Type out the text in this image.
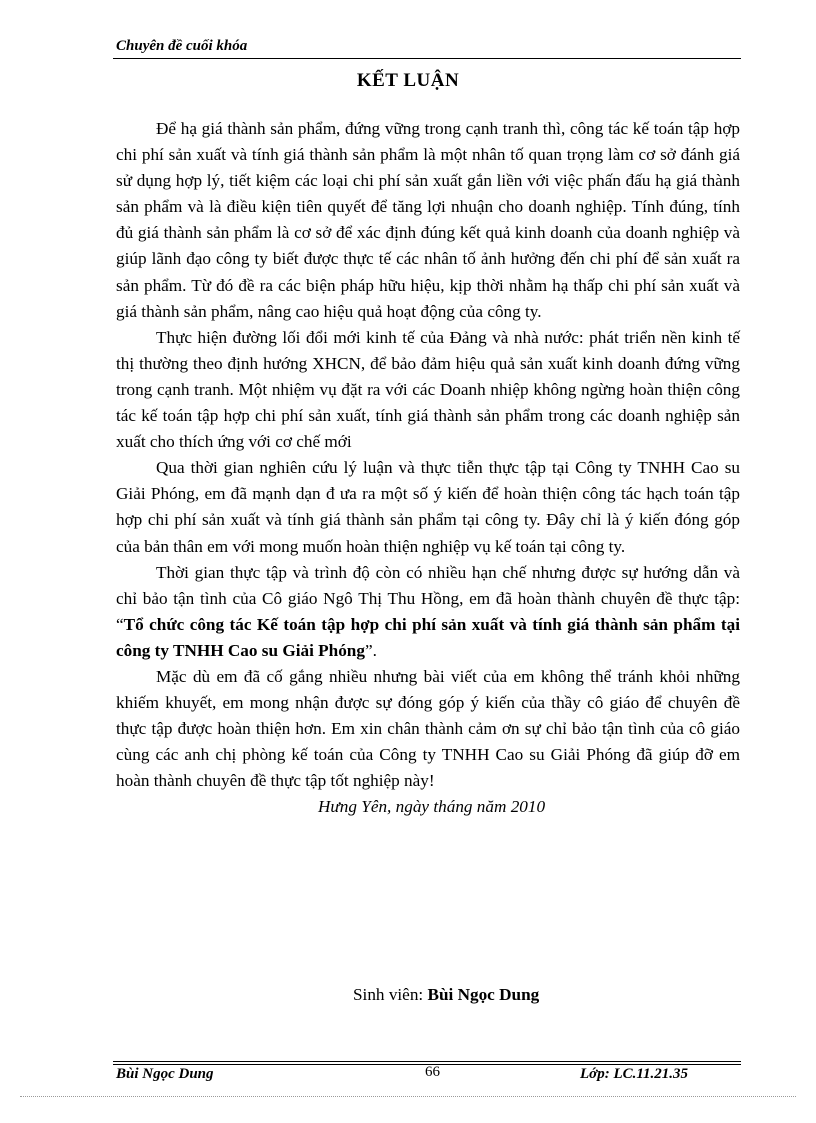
Chuyên đề cuối khóa
KẾT LUẬN

Để hạ giá thành sản phẩm, đứng vững trong cạnh tranh thì, công tác kế toán tập hợp chi phí sản xuất và tính giá thành sản phẩm là một nhân tố quan trọng làm cơ sở đánh giá sử dụng hợp lý, tiết kiệm các loại chi phí sản xuất gắn liền với việc phấn đấu hạ giá thành sản phẩm và là điều kiện tiên quyết để tăng lợi nhuận cho doanh nghiệp. Tính đúng, tính đủ giá thành sản phẩm là cơ sở để xác định đúng kết quả kinh doanh của doanh nghiệp và giúp lãnh đạo công ty biết được thực tế các nhân tố ảnh hưởng đến chi phí để sản xuất ra sản phẩm. Từ đó đề ra các biện pháp hữu hiệu, kịp thời nhằm hạ thấp chi phí sản xuất và giá thành sản phẩm, nâng cao hiệu quả hoạt động của công ty.

Thực hiện đường lối đổi mới kinh tế của Đảng và nhà nước: phát triển nền kinh tế thị thường theo định hướng XHCN, để bảo đảm hiệu quả sản xuất kinh doanh đứng vững trong cạnh tranh. Một nhiệm vụ đặt ra với các Doanh nhiệp không ngừng hoàn thiện công tác kế toán tập hợp chi phí sản xuất, tính giá thành sản phẩm trong các doanh nghiệp sản xuất cho thích ứng với cơ chế mới

Qua thời gian nghiên cứu lý luận và thực tiễn thực tập tại Công ty TNHH Cao su Giải Phóng, em đã mạnh dạn đ ưa ra một số ý kiến để hoàn thiện công tác hạch toán tập hợp chi phí sản xuất và tính giá thành sản phẩm tại công ty. Đây chỉ là ý kiến đóng góp của bản thân em với mong muốn hoàn thiện nghiệp vụ kế toán tại công ty.

Thời gian thực tập và trình độ còn có nhiều hạn chế nhưng được sự hướng dẫn và chỉ bảo tận tình của Cô giáo Ngô Thị Thu Hồng, em đã hoàn thành chuyên đề thực tập: “Tổ chức công tác Kế toán tập hợp chi phí sản xuất và tính giá thành sản phẩm tại công ty TNHH Cao su Giải Phóng”.

Mặc dù em đã cố gắng nhiều nhưng bài viết của em không thể tránh khỏi những khiếm khuyết, em mong nhận được sự đóng góp ý kiến của thầy cô giáo để chuyên đề thực tập được hoàn thiện hơn. Em xin chân thành cảm ơn sự chỉ bảo tận tình của cô giáo cùng các anh chị phòng kế toán của Công ty TNHH Cao su Giải Phóng đã giúp đỡ em hoàn thành chuyên đề thực tập tốt nghiệp này!

Hưng Yên, ngày tháng năm 2010

Sinh viên: Bùi Ngọc Dung
Bùi Ngọc Dung	66	Lớp: LC.11.21.35
